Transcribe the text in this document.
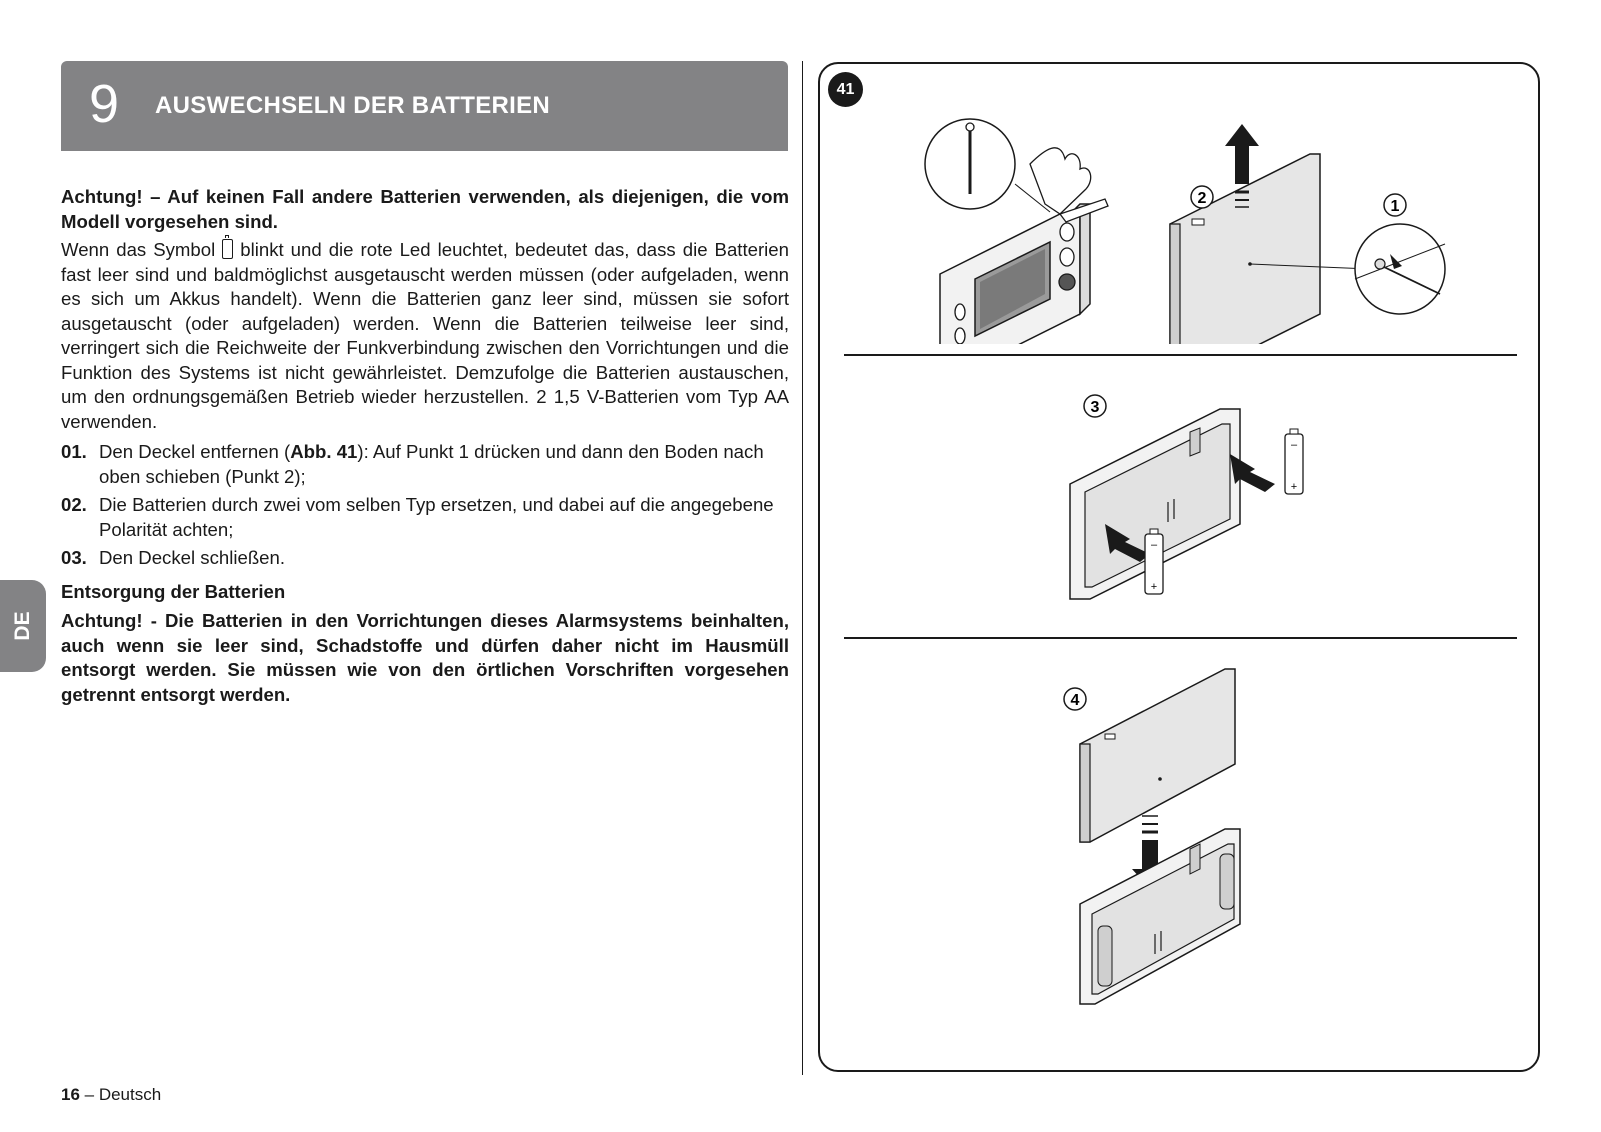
9 AUSWECHSELN DER BATTERIEN

Achtung! – Auf keinen Fall andere Batterien verwenden, als diejenigen, die vom Modell vorgesehen sind.

Wenn das Symbol blinkt und die rote Led leuchtet, bedeutet das, dass die Batterien fast leer sind und baldmöglichst ausgetauscht werden müssen (oder aufgeladen, wenn es sich um Akkus handelt). Wenn die Batterien ganz leer sind, müssen sie sofort ausgetauscht (oder aufgeladen) werden. Wenn die Batterien teilweise leer sind, verringert sich die Reichweite der Funkverbindung zwischen den Vorrichtungen und die Funktion des Systems ist nicht gewährleistet. Demzufolge die Batterien austauschen, um den ordnungsgemäßen Betrieb wieder herzustellen. 2 1,5 V-Batterien vom Typ AA verwenden.

01. Den Deckel entfernen (Abb. 41): Auf Punkt 1 drücken und dann den Boden nach oben schieben (Punkt 2);
02. Die Batterien durch zwei vom selben Typ ersetzen, und dabei auf die angegebene Polarität achten;
03. Den Deckel schließen.
Entsorgung der Batterien

Achtung! - Die Batterien in den Vorrichtungen dieses Alarmsystems beinhalten, auch wenn sie leer sind, Schadstoffe und dürfen daher nicht im Hausmüll entsorgt werden. Sie müssen wie von den örtlichen Vorschriften vorgesehen getrennt entsorgt werden.

DE
16 – Deutsch
41
2	1
–
+
–
+
3
4
